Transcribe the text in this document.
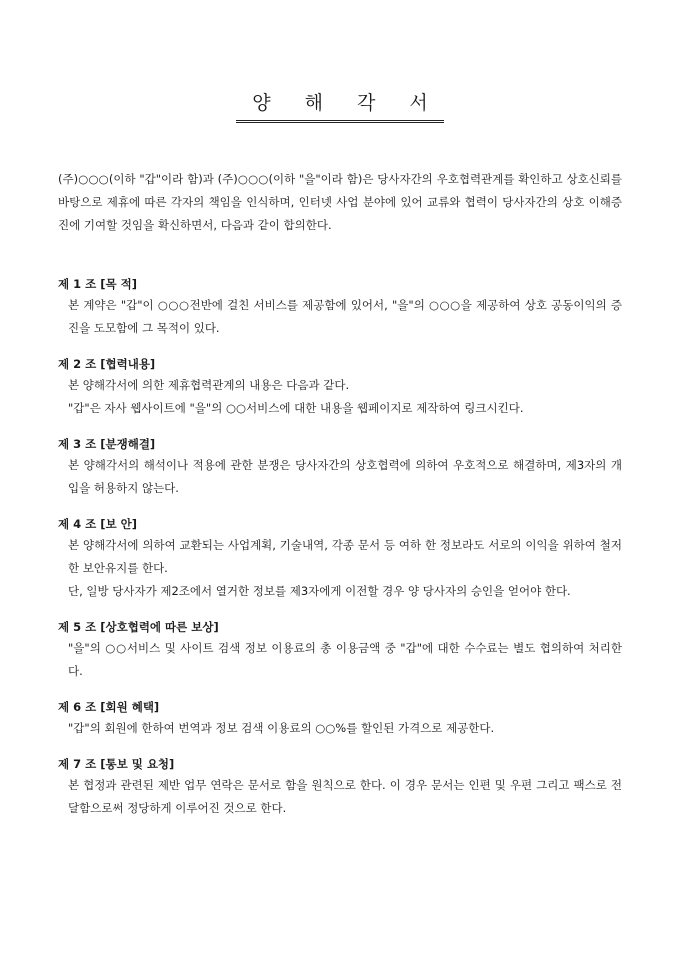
양 해 각 서

(주)○○○(이하 "갑"이라 함)과 (주)○○○(이하 "을"이라 함)은 당사자간의 우호협력관계를 확인하고 상호신뢰를 바탕으로 제휴에 따른 각자의 책임을 인식하며, 인터넷 사업 분야에 있어 교류와 협력이 당사자간의 상호 이해증진에 기여할 것임을 확신하면서, 다음과 같이 합의한다.

제 1 조 [목 적]

본 계약은 "갑"이 ○○○전반에 걸친 서비스를 제공함에 있어서, "을"의 ○○○을 제공하여 상호 공동이익의 증진을 도모함에 그 목적이 있다.

제 2 조 [협력내용]

본 양해각서에 의한 제휴협력관계의 내용은 다음과 같다.

"갑"은 자사 웹사이트에 "을"의 ○○서비스에 대한 내용을 웹페이지로 제작하여 링크시킨다.

제 3 조 [분쟁해결]

본 양해각서의 해석이나 적용에 관한 분쟁은 당사자간의 상호협력에 의하여 우호적으로 해결하며, 제3자의 개입을 허용하지 않는다.

제 4 조 [보 안]

본 양해각서에 의하여 교환되는 사업계획, 기술내역, 각종 문서 등 여하 한 정보라도 서로의 이익을 위하여 철저한 보안유지를 한다.

단, 일방 당사자가 제2조에서 열거한 정보를 제3자에게 이전할 경우 양 당사자의 승인을 얻어야 한다.

제 5 조 [상호협력에 따른 보상]

"을"의 ○○서비스 및 사이트 검색 정보 이용료의 총 이용금액 중 "갑"에 대한 수수료는 별도 협의하여 처리한다.

제 6 조 [회원 혜택]

"갑"의 회원에 한하여 번역과 정보 검색 이용료의 ○○%를 할인된 가격으로 제공한다.

제 7 조 [통보 및 요청]

본 협정과 관련된 제반 업무 연락은 문서로 함을 원칙으로 한다. 이 경우 문서는 인편 및 우편 그리고 팩스로 전달함으로써 정당하게 이루어진 것으로 한다.
